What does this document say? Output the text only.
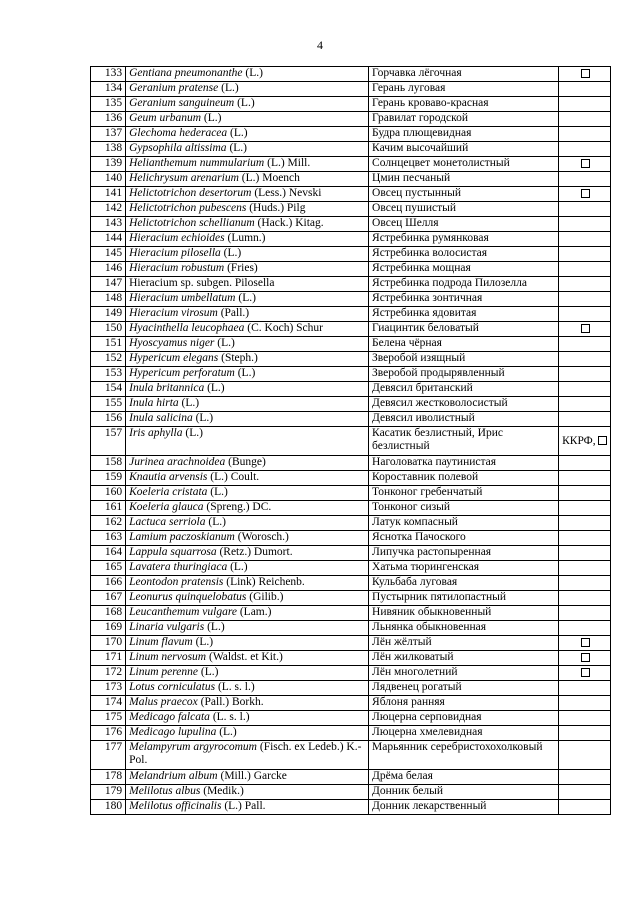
4
133	Gentiana pneumonanthe (L.)	Горчавка лёгочная	
134	Geranium pratense (L.)	Герань луговая	
135	Geranium sanguineum (L.)	Герань кроваво-красная	
136	Geum urbanum (L.)	Гравилат городской	
137	Glechoma hederacea (L.)	Будра плющевидная	
138	Gypsophila altissima (L.)	Качим высочайший	
139	Helianthemum nummularium (L.) Mill.	Солнцецвет монетолистный	
140	Helichrysum arenarium (L.) Moench	Цмин песчаный	
141	Helictotrichon desertorum (Less.) Nevski	Овсец пустынный	
142	Helictotrichon pubescens (Huds.) Pilg	Овсец пушистый	
143	Helictotrichon schellianum (Hack.) Kitag.	Овсец Шелля	
144	Hieracium echioides (Lumn.)	Ястребинка румянковая	
145	Hieracium pilosella (L.)	Ястребинка волосистая	
146	Hieracium robustum (Fries)	Ястребинка мощная	
147	Hieracium sp. subgen. Pilosella	Ястребинка подрода Пилозелла	
148	Hieracium umbellatum (L.)	Ястребинка зонтичная	
149	Hieracium virosum (Pall.)	Ястребинка ядовитая	
150	Hyacinthella leucophaea (C. Koch) Schur	Гиацинтик беловатый	
151	Hyoscyamus niger (L.)	Белена чёрная	
152	Hypericum elegans (Steph.)	Зверобой изящный	
153	Hypericum perforatum (L.)	Зверобой продырявленный	
154	Inula britannica (L.)	Девясил британский	
155	Inula hirta (L.)	Девясил жестковолосистый	
156	Inula salicina (L.)	Девясил иволистный	
157	Iris aphylla (L.)	Касатик безлистный, Ирис безлистный	ККРФ,
158	Jurinea arachnoidea (Bunge)	Наголоватка паутинистая	
159	Knautia arvensis (L.) Coult.	Короставник полевой	
160	Koeleria cristata (L.)	Тонконог гребенчатый	
161	Koeleria glauca (Spreng.) DC.	Тонконог сизый	
162	Lactuca serriola (L.)	Латук компасный	
163	Lamium paczoskianum (Worosch.)	Яснотка Пачоского	
164	Lappula squarrosa (Retz.) Dumort.	Липучка растопыренная	
165	Lavatera thuringiaca (L.)	Хатьма тюрингенская	
166	Leontodon pratensis (Link) Reichenb.	Кульбаба луговая	
167	Leonurus quinquelobatus (Gilib.)	Пустырник пятилопастный	
168	Leucanthemum vulgare (Lam.)	Нивяник обыкновенный	
169	Linaria vulgaris (L.)	Льнянка обыкновенная	
170	Linum flavum (L.)	Лён жёлтый	
171	Linum nervosum (Waldst. et Kit.)	Лён жилковатый	
172	Linum perenne (L.)	Лён многолетний	
173	Lotus corniculatus (L. s. l.)	Лядвенец рогатый	
174	Malus praecox (Pall.) Borkh.	Яблоня ранняя	
175	Medicago falcata (L. s. l.)	Люцерна серповидная	
176	Medicago lupulina (L.)	Люцерна хмелевидная	
177	Melampyrum argyrocomum (Fisch. ex Ledeb.) K.-Pol.	Марьянник серебристохохолковый	
178	Melandrium album (Mill.) Garcke	Дрёма белая	
179	Melilotus albus (Medik.)	Донник белый	
180	Melilotus officinalis (L.) Pall.	Донник лекарственный	
